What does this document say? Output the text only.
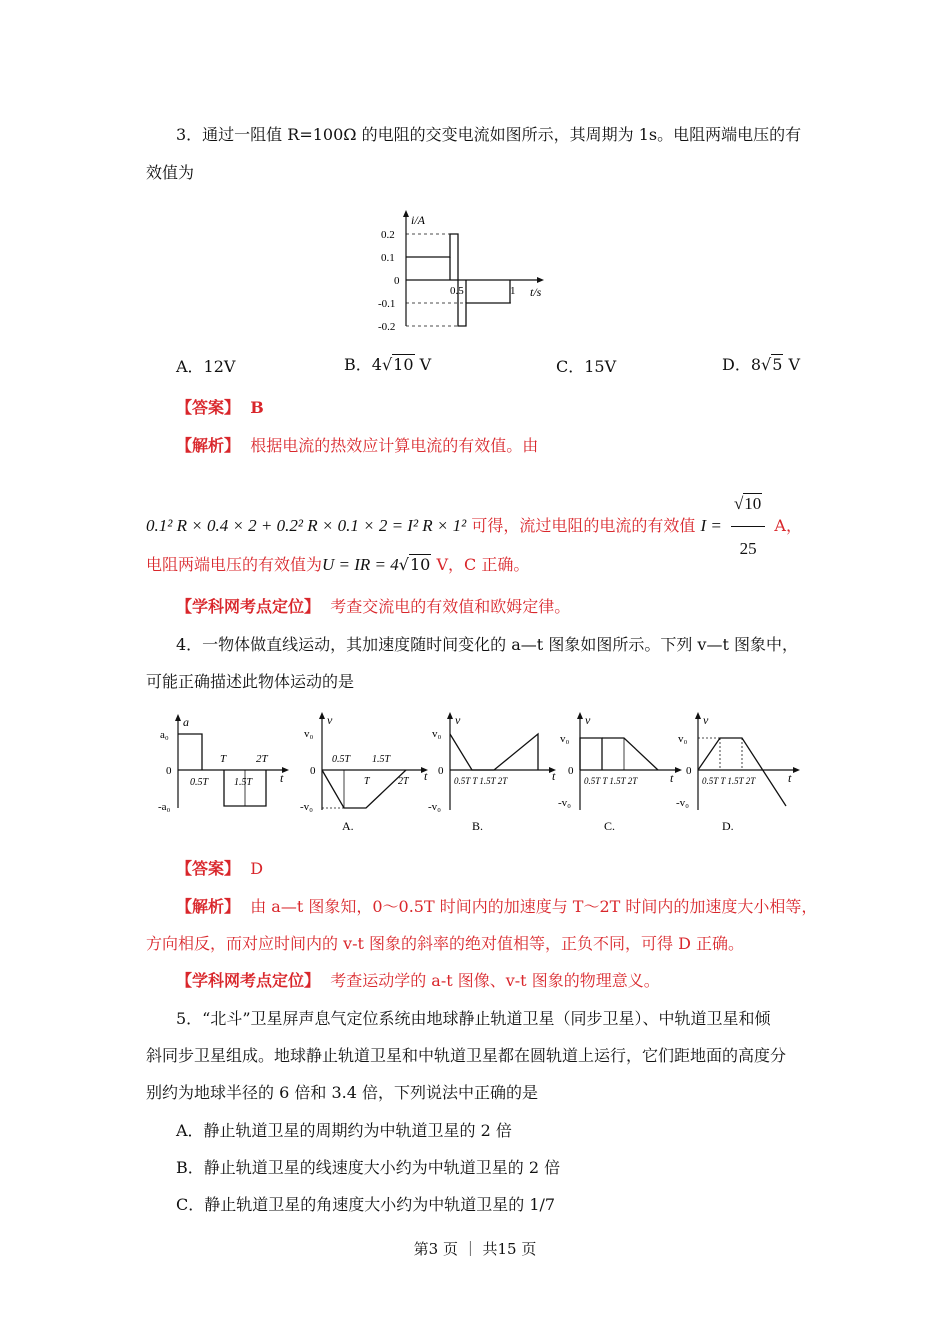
3．通过一阻值 R=100Ω 的电阻的交变电流如图所示，其周期为 1s。电阻两端电压的有
效值为
i/A
0.2
0.1
0
-0.1
-0.2
0.5	1 t/s
A．12V	B．4√10 V	C．15V	D．8√5 V
【答案】 B
【解析】 根据电流的热效应计算电流的有效值。由
0.1² R × 0.4 × 2 + 0.2² R × 0.1 × 2 = I² R × 1² 可得，流过电阻的电流的有效值 $I = \frac{√10}{25}$ A，
电阻两端电压的有效值为U = IR = 4√10 V，C 正确。
【学科网考点定位】 考查交流电的有效值和欧姆定律。
4．一物体做直线运动，其加速度随时间变化的 a—t 图象如图所示。下列 v—t 图象中，
可能正确描述此物体运动的是
a
a₀
0
-a₀
T	2T
0.5T	1.5T t
v
v₀
0
-v₀
0.5T 1.5T
T	2T t
A.
v
v₀
0
-v₀
0.5T T 1.5T 2T	t
B.
v
v₀
0
-v₀
0.5T T 1.5T 2T	t
C.
v
v₀
0
-v₀
0.5T T 1.5T 2T	t
D.
【答案】 D
【解析】 由 a—t 图象知，0～0.5T 时间内的加速度与 T～2T 时间内的加速度大小相等，
方向相反，而对应时间内的 v-t 图象的斜率的绝对值相等，正负不同，可得 D 正确。
【学科网考点定位】 考查运动学的 a-t 图像、v-t 图象的物理意义。
5．“北斗”卫星屏声息气定位系统由地球静止轨道卫星（同步卫星）、中轨道卫星和倾
斜同步卫星组成。地球静止轨道卫星和中轨道卫星都在圆轨道上运行，它们距地面的高度分
别约为地球半径的 6 倍和 3.4 倍，下列说法中正确的是
A．静止轨道卫星的周期约为中轨道卫星的 2 倍
B．静止轨道卫星的线速度大小约为中轨道卫星的 2 倍
C．静止轨道卫星的角速度大小约为中轨道卫星的 1/7
第3 页 ｜ 共15 页
